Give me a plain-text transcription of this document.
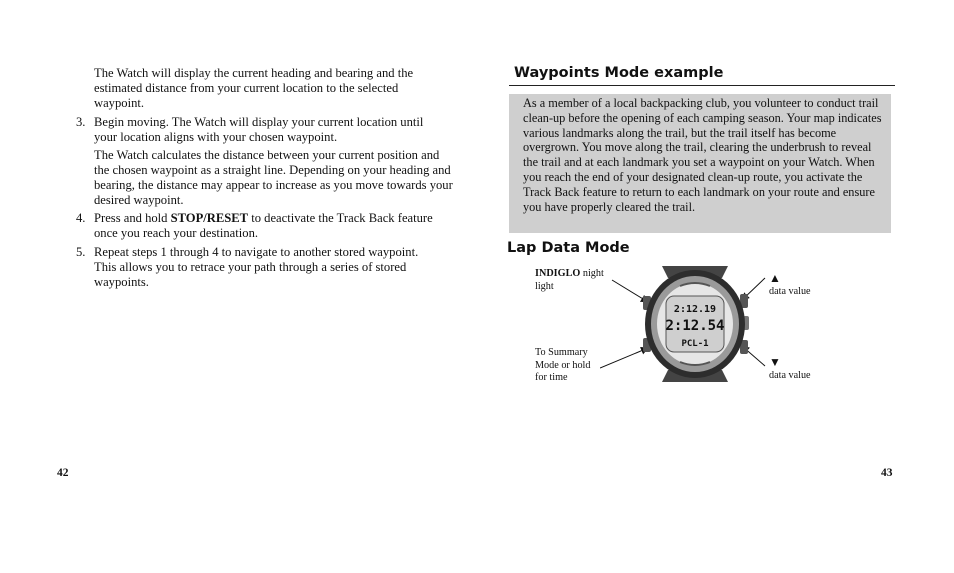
The Watch will display the current heading and bearing and the estimated distance from your current location to the selected waypoint.

3. Begin moving. The Watch will display your current location until your location aligns with your chosen waypoint.

The Watch calculates the distance between your current position and the chosen waypoint as a straight line. Depending on your heading and bearing, the distance may appear to increase as you move towards your desired waypoint.

4. Press and hold STOP/RESET to deactivate the Track Back feature once you reach your destination.

5. Repeat steps 1 through 4 to navigate to another stored waypoint. This allows you to retrace your path through a series of stored waypoints.

42
Waypoints Mode example

As a member of a local backpacking club, you volunteer to conduct trail clean-up before the opening of each camping season. Your map indicates various landmarks along the trail, but the trail itself has become overgrown. You move along the trail, clearing the underbrush to reveal the trail and at each landmark you set a waypoint on your Watch. When you reach the end of your designated clean-up route, you activate the Track Back feature to return to each landmark on your route and ensure you have properly cleared the trail.

Lap Data Mode
INDIGLO night
light
To Summary
Mode or hold
for time
▲
data value
▼
data value
2:12.19
2:12.54
PCL-1
43
